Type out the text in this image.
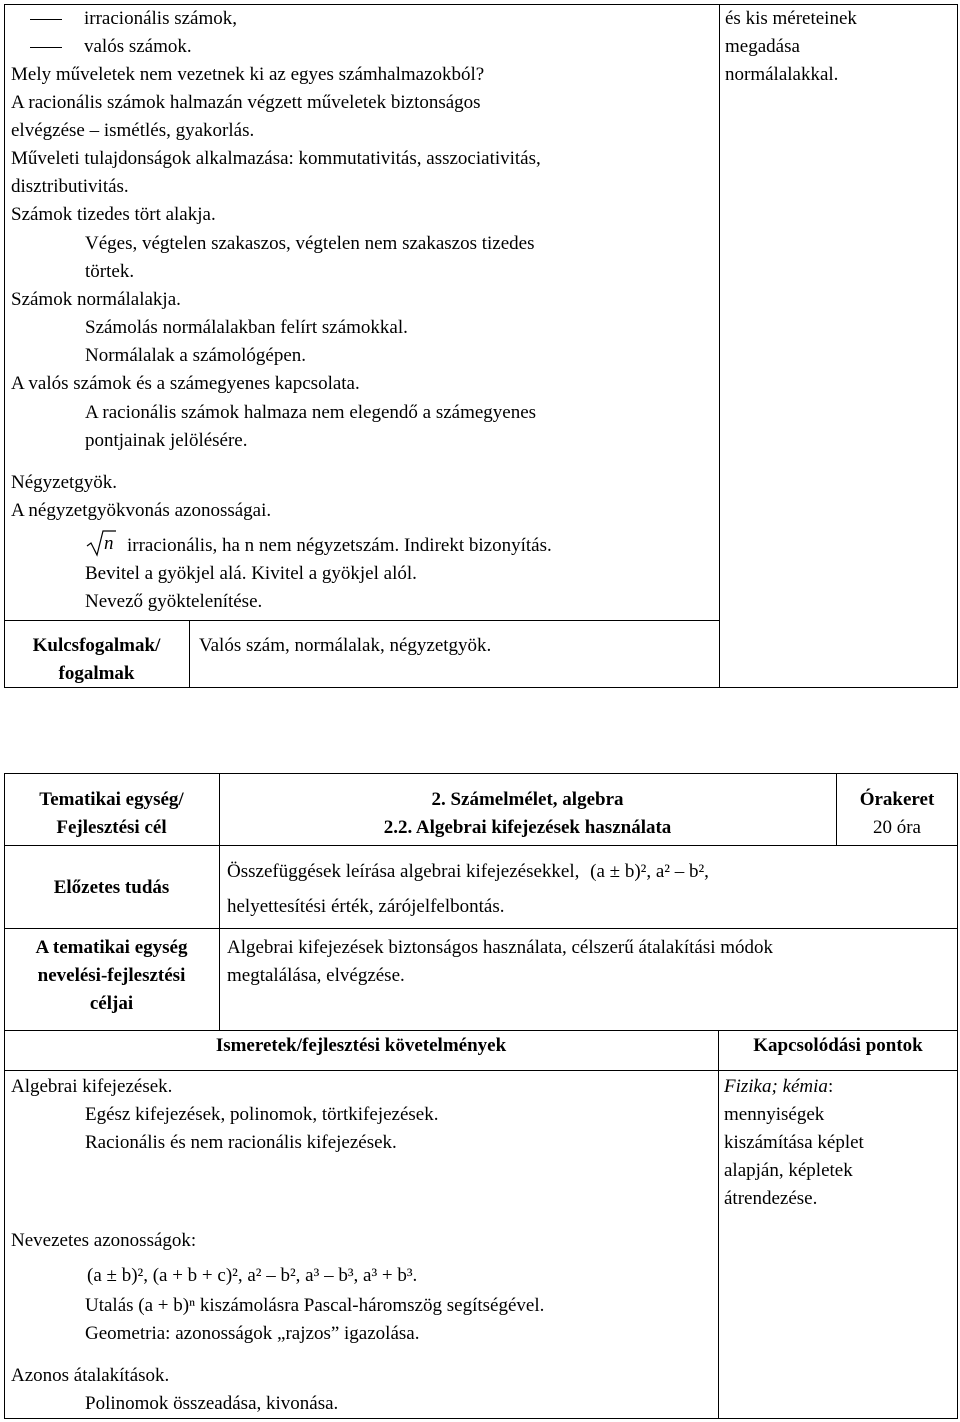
irracionális számok,
valós számok.
Mely műveletek nem vezetnek ki az egyes számhalmazokból?
A racionális számok halmazán végzett műveletek biztonságos
elvégzése – ismétlés, gyakorlás.
Műveleti tulajdonságok alkalmazása: kommutativitás, asszociativitás,
disztributivitás.
Számok tizedes tört alakja.
Véges, végtelen szakaszos, végtelen nem szakaszos tizedes
törtek.
Számok normálalakja.
Számolás normálalakban felírt számokkal.
Normálalak a számológépen.
A valós számok és a számegyenes kapcsolata.
A racionális számok halmaza nem elegendő a számegyenes
pontjainak jelölésére.
Négyzetgyök.
A négyzetgyökvonás azonosságai.
n irracionális, ha n nem négyzetszám. Indirekt bizonyítás.
Bevitel a gyökjel alá. Kivitel a gyökjel alól.
Nevező gyöktelenítése.
és kis méreteinek
megadása
normálalakkal.
Kulcsfogalmak/
fogalmak
Valós szám, normálalak, négyzetgyök.
Tematikai egység/
Fejlesztési cél
2. Számelmélet, algebra
2.2. Algebrai kifejezések használata
Órakeret
20 óra
Előzetes tudás
Összefüggések leírása algebrai kifejezésekkel, (a ± b)², a² – b²,
helyettesítési érték, zárójelfelbontás.
A tematikai egység
nevelési-fejlesztési
céljai
Algebrai kifejezések biztonságos használata, célszerű átalakítási módok
megtalálása, elvégzése.
Ismeretek/fejlesztési követelmények	Kapcsolódási pontok
Algebrai kifejezések.
Egész kifejezések, polinomok, törtkifejezések.
Racionális és nem racionális kifejezések.
Nevezetes azonosságok:
(a ± b)², (a + b + c)², a² – b², a³ – b³, a³ + b³.
Utalás (a + b)ⁿ kiszámolásra Pascal-háromszög segítségével.
Geometria: azonosságok „rajzos” igazolása.
Azonos átalakítások.
Polinomok összeadása, kivonása.
Fizika; kémia:
mennyiségek
kiszámítása képlet
alapján, képletek
átrendezése.
